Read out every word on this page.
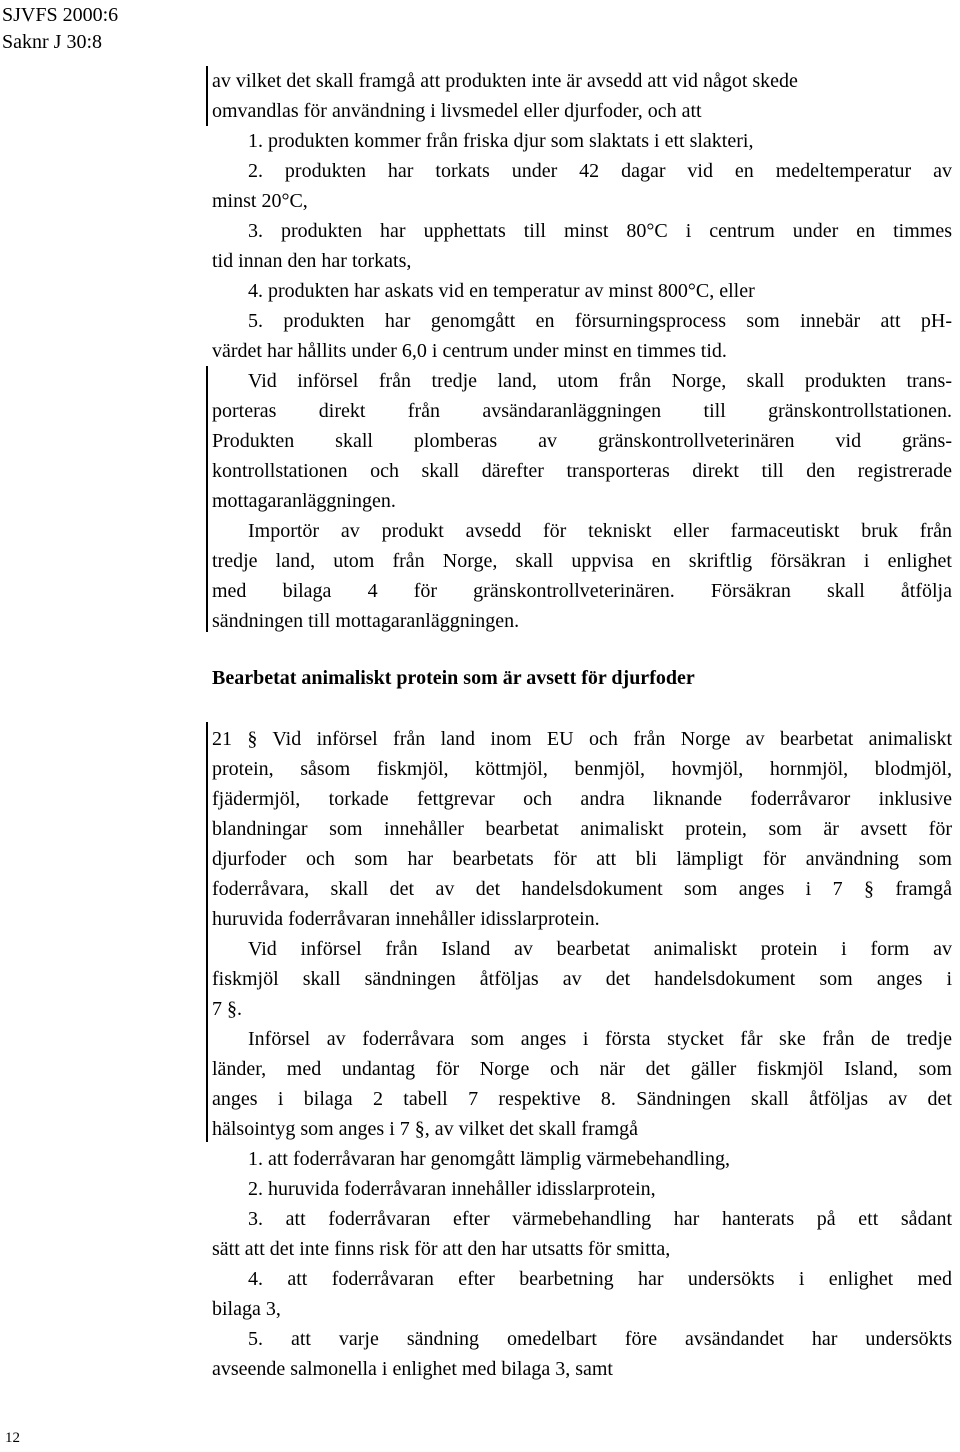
SJVFS 2000:6
Saknr J 30:8
av vilket det skall framgå att produkten inte är avsedd att vid något skede
omvandlas för användning i livsmedel eller djurfoder, och att
1. produkten kommer från friska djur som slaktats i ett slakteri,
2. produkten har torkats under 42 dagar vid en medeltemperatur av
minst 20°C,
3. produkten har upphettats till minst 80°C i centrum under en timmes
tid innan den har torkats,
4. produkten har askats vid en temperatur av minst 800°C, eller
5. produkten har genomgått en försurningsprocess som innebär att pH-
värdet har hållits under 6,0 i centrum under minst en timmes tid.
Vid införsel från tredje land, utom från Norge, skall produkten trans-
porteras direkt från avsändaranläggningen till gränskontrollstationen.
Produkten skall plomberas av gränskontrollveterinären vid gräns-
kontrollstationen och skall därefter transporteras direkt till den registrerade
mottagaranläggningen.
Importör av produkt avsedd för tekniskt eller farmaceutiskt bruk från
tredje land, utom från Norge, skall uppvisa en skriftlig försäkran i enlighet
med bilaga 4 för gränskontrollveterinären. Försäkran skall åtfölja
sändningen till mottagaranläggningen.
Bearbetat animaliskt protein som är avsett för djurfoder
21 § Vid införsel från land inom EU och från Norge av bearbetat animaliskt
protein, såsom fiskmjöl, köttmjöl, benmjöl, hovmjöl, hornmjöl, blodmjöl,
fjädermjöl, torkade fettgrevar och andra liknande foderråvaror inklusive
blandningar som innehåller bearbetat animaliskt protein, som är avsett för
djurfoder och som har bearbetats för att bli lämpligt för användning som
foderråvara, skall det av det handelsdokument som anges i 7 § framgå
huruvida foderråvaran innehåller idisslarprotein.
Vid införsel från Island av bearbetat animaliskt protein i form av
fiskmjöl skall sändningen åtföljas av det handelsdokument som anges i
7 §.
Införsel av foderråvara som anges i första stycket får ske från de tredje
länder, med undantag för Norge och när det gäller fiskmjöl Island, som
anges i bilaga 2 tabell 7 respektive 8. Sändningen skall åtföljas av det
hälsointyg som anges i 7 §, av vilket det skall framgå
1. att foderråvaran har genomgått lämplig värmebehandling,
2. huruvida foderråvaran innehåller idisslarprotein,
3. att foderråvaran efter värmebehandling har hanterats på ett sådant
sätt att det inte finns risk för att den har utsatts för smitta,
4. att foderråvaran efter bearbetning har undersökts i enlighet med
bilaga 3,
5. att varje sändning omedelbart före avsändandet har undersökts
avseende salmonella i enlighet med bilaga 3, samt
12
